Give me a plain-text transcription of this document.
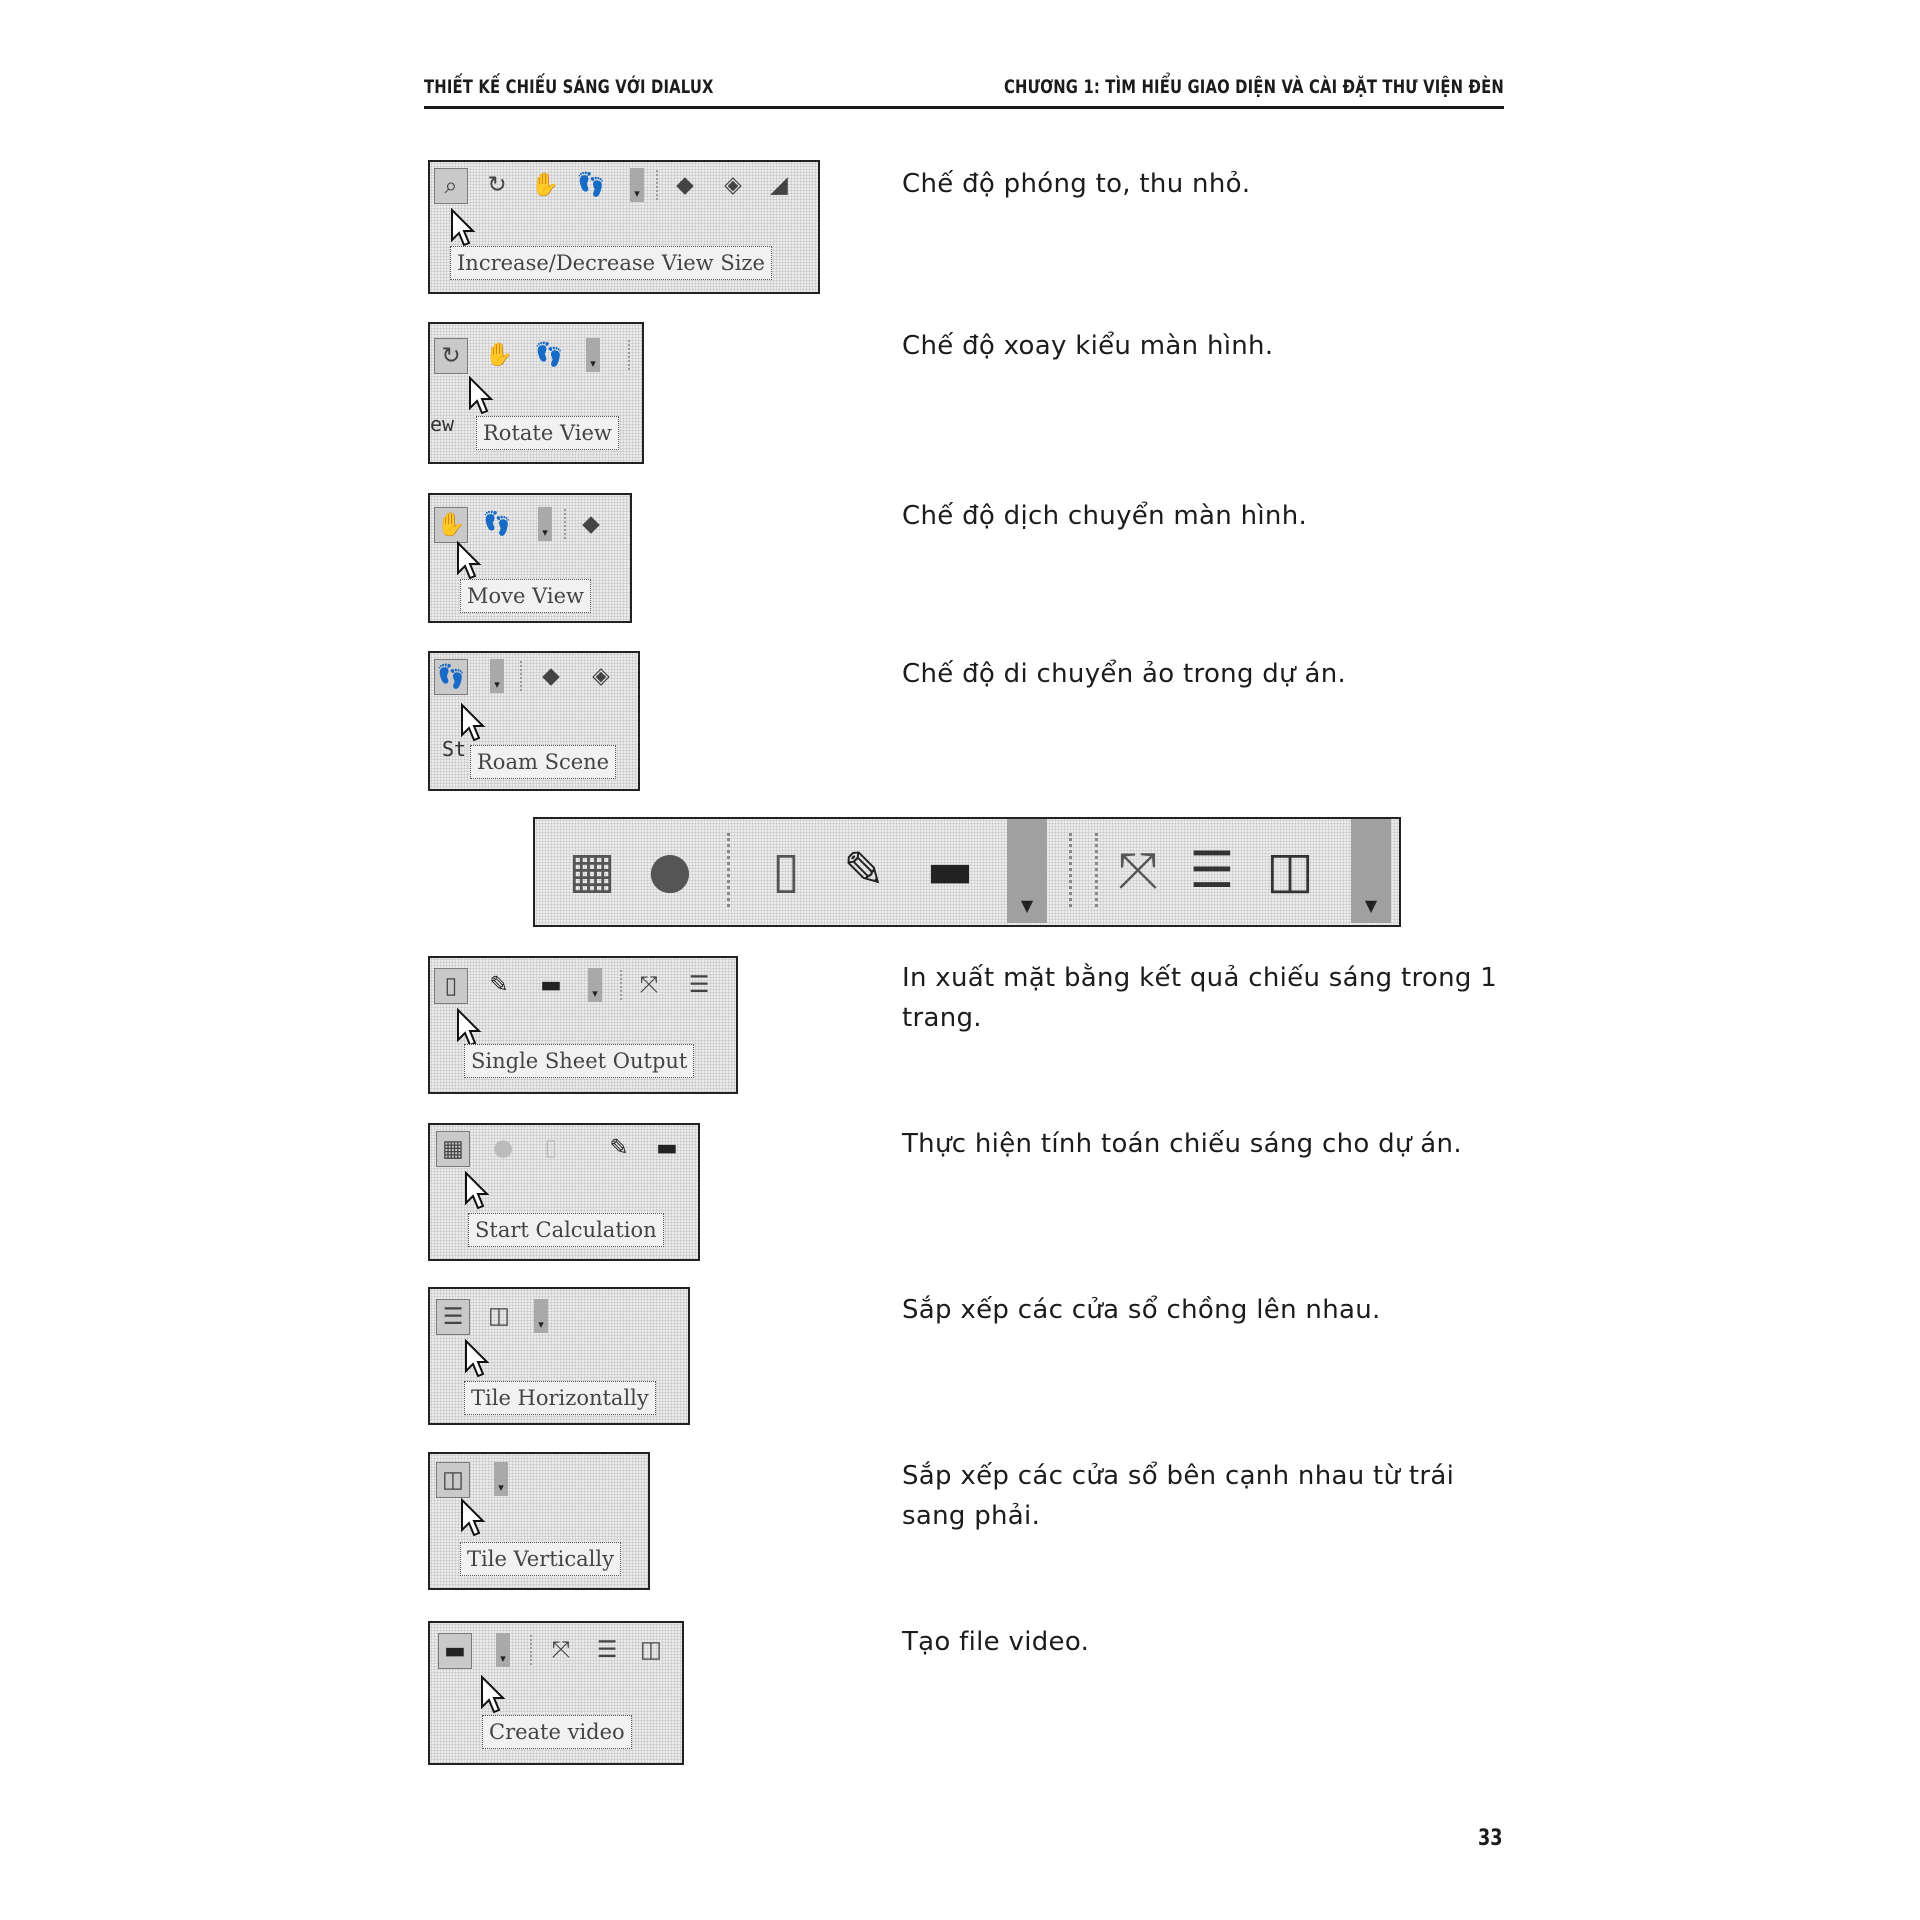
THIẾT KẾ CHIẾU SÁNG VỚI DIALUX	CHƯƠNG 1: TÌM HIỂU GIAO DIỆN VÀ CÀI ĐẶT THƯ VIỆN ĐÈN
⌕	↻ ✋ 👣	▾ ◆ ◈ ◢
Increase/Decrease View Size
Chế độ phóng to, thu nhỏ.
↻	✋ 👣	▾
ew	Rotate View
Chế độ xoay kiểu màn hình.
✋ 👣	▾ ◆
Move View
Chế độ dịch chuyển màn hình.
👣	▾ ◆ ◈
St
Roam Scene
Chế độ di chuyển ảo trong dự án.
▦ ●	▯ ✎ ▬
▼
⤧ ☰ ◫
▼
▯	✎ ▬	▾ ⤧ ☰
Single Sheet Output
In xuất mặt bằng kết quả chiếu sáng trong 1 trang.
▦ ●	▯	✎ ▬
Start Calculation
Thực hiện tính toán chiếu sáng cho dự án.
☰ ◫	▾
Tile Horizontally
Sắp xếp các cửa sổ chồng lên nhau.
◫	▾
Tile Vertically
Sắp xếp các cửa sổ bên cạnh nhau từ trái sang phải.
▬	▾ ⤧ ☰ ◫
Create video
Tạo file video.
33
